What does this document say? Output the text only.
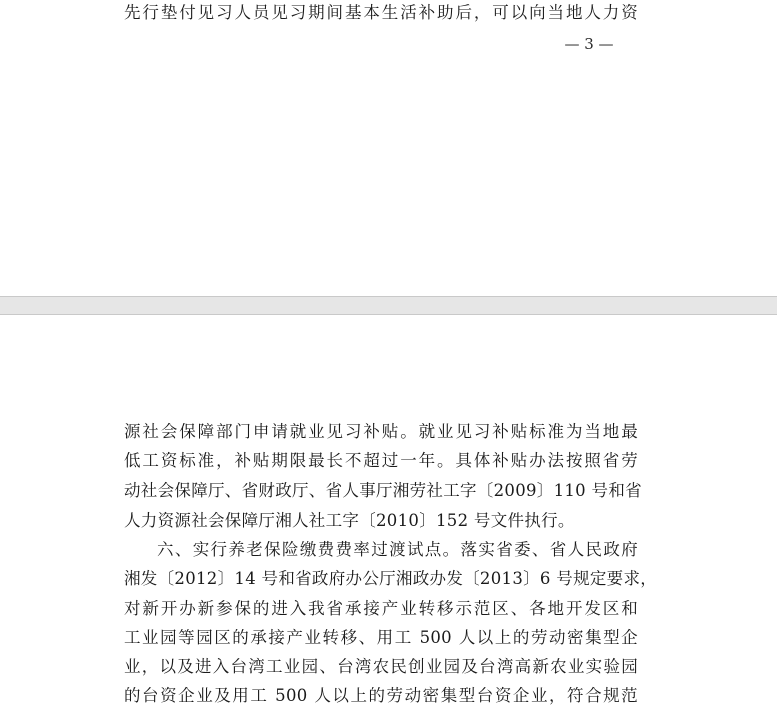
先行垫付见习人员见习期间基本生活补助后，可以向当地人力资
— 3 —
源社会保障部门申请就业见习补贴。就业见习补贴标准为当地最
低工资标准，补贴期限最长不超过一年。具体补贴办法按照省劳
动社会保障厅、省财政厅、省人事厅湘劳社工字〔2009〕110 号和省
人力资源社会保障厅湘人社工字〔2010〕152 号文件执行。
六、实行养老保险缴费费率过渡试点。落实省委、省人民政府
湘发〔2012〕14 号和省政府办公厅湘政办发〔2013〕6 号规定要求，
对新开办新参保的进入我省承接产业转移示范区、各地开发区和
工业园等园区的承接产业转移、用工 500 人以上的劳动密集型企
业，以及进入台湾工业园、台湾农民创业园及台湾高新农业实验园
的台资企业及用工 500 人以上的劳动密集型台资企业，符合规范
